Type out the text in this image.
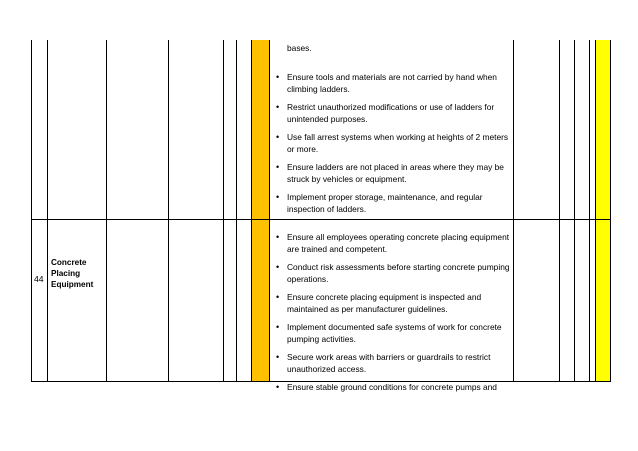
bases.
• Ensure tools and materials are not carried by hand when climbing ladders.
• Restrict unauthorized modifications or use of ladders for unintended purposes.
• Use fall arrest systems when working at heights of 2 meters or more.
• Ensure ladders are not placed in areas where they may be struck by vehicles or equipment.
• Implement proper storage, maintenance, and regular inspection of ladders.
44
Concrete
Placing
Equipment
• Ensure all employees operating concrete placing equipment are trained and competent.
• Conduct risk assessments before starting concrete pumping operations.
• Ensure concrete placing equipment is inspected and maintained as per manufacturer guidelines.
• Implement documented safe systems of work for concrete pumping activities.
• Secure work areas with barriers or guardrails to restrict unauthorized access.
• Ensure stable ground conditions for concrete pumps and
